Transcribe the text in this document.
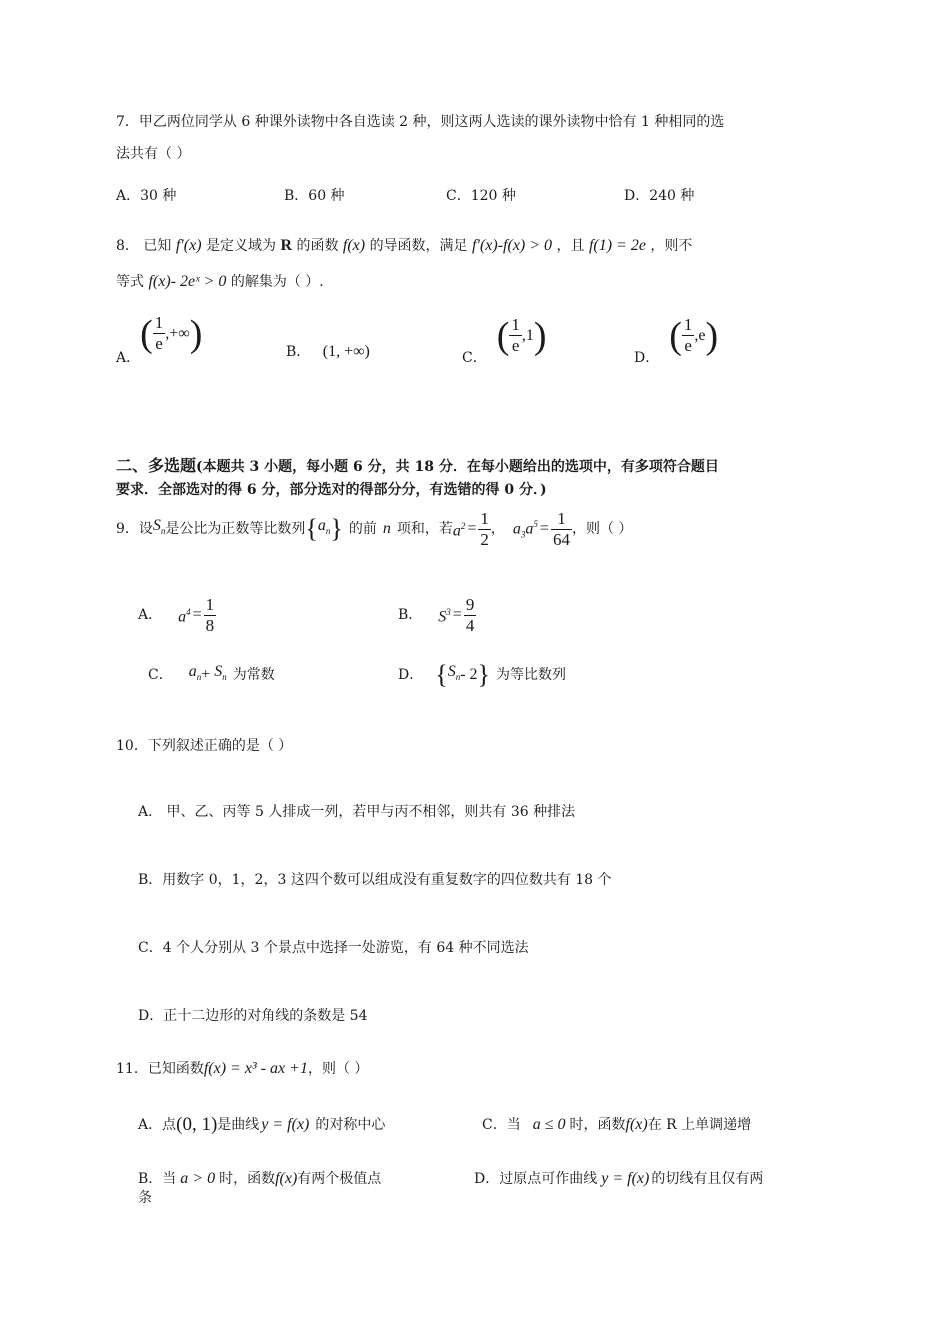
7．甲乙两位同学从 6 种课外读物中各自选读 2 种，则这两人选读的课外读物中恰有 1 种相同的选
法共有（ ）
A．30 种	B．60 种	C．120 种	D．240 种
8． 已知 f′(x) 是定义域为 R 的函数 f(x) 的导函数，满足 f′(x)-f(x) > 0 ，且 f(1) = 2e ，则不
等式 f(x)- 2eˣ > 0 的解集为（ ）.
A．
( $\frac{1}{e}$ , +∞ )	B． (1, +∞)	C．
( $\frac{1}{e}$ , 1 )
D．
( $\frac{1}{e}$ , e )
二、多选题(本题共 3 小题，每小题 6 分，共 18 分．在每小题给出的选项中，有多项符合题目
要求．全部选对的得 6 分，部分选对的得部分分，有选错的得 0 分．)
9．设 $S_n$ 是公比为正数等比数列 { $a_n$ } 的前 n 项和，若 $a^2 = \frac{1}{2}$ ， $a_3a^5 = \frac{1}{64}$ ，则（ ）
A． $a^4 = \frac{1}{8}$	B． $S^3 = \frac{9}{4}$
C． $a_n + S_n$ 为常数	D． { $S_n - 2$ } 为等比数列
10．下列叙述正确的是（ ）
A． 甲、乙、丙等 5 人排成一列，若甲与丙不相邻，则共有 36 种排法
B．用数字 0，1，2，3 这四个数可以组成没有重复数字的四位数共有 18 个
C．4 个人分别从 3 个景点中选择一处游览，有 64 种不同选法
D．正十二边形的对角线的条数是 54
11．已知函数 f(x) = x³ - ax +1 ，则（ ）
A．点 (0, 1) 是曲线 y = f(x) 的对称中心	C．当 a ≤ 0 时，函数 f(x) 在 R 上单调递增
B．当 a > 0 时，函数 f(x) 有两个极值点
条
D．过原点可作曲线 y = f(x) 的切线有且仅有两
